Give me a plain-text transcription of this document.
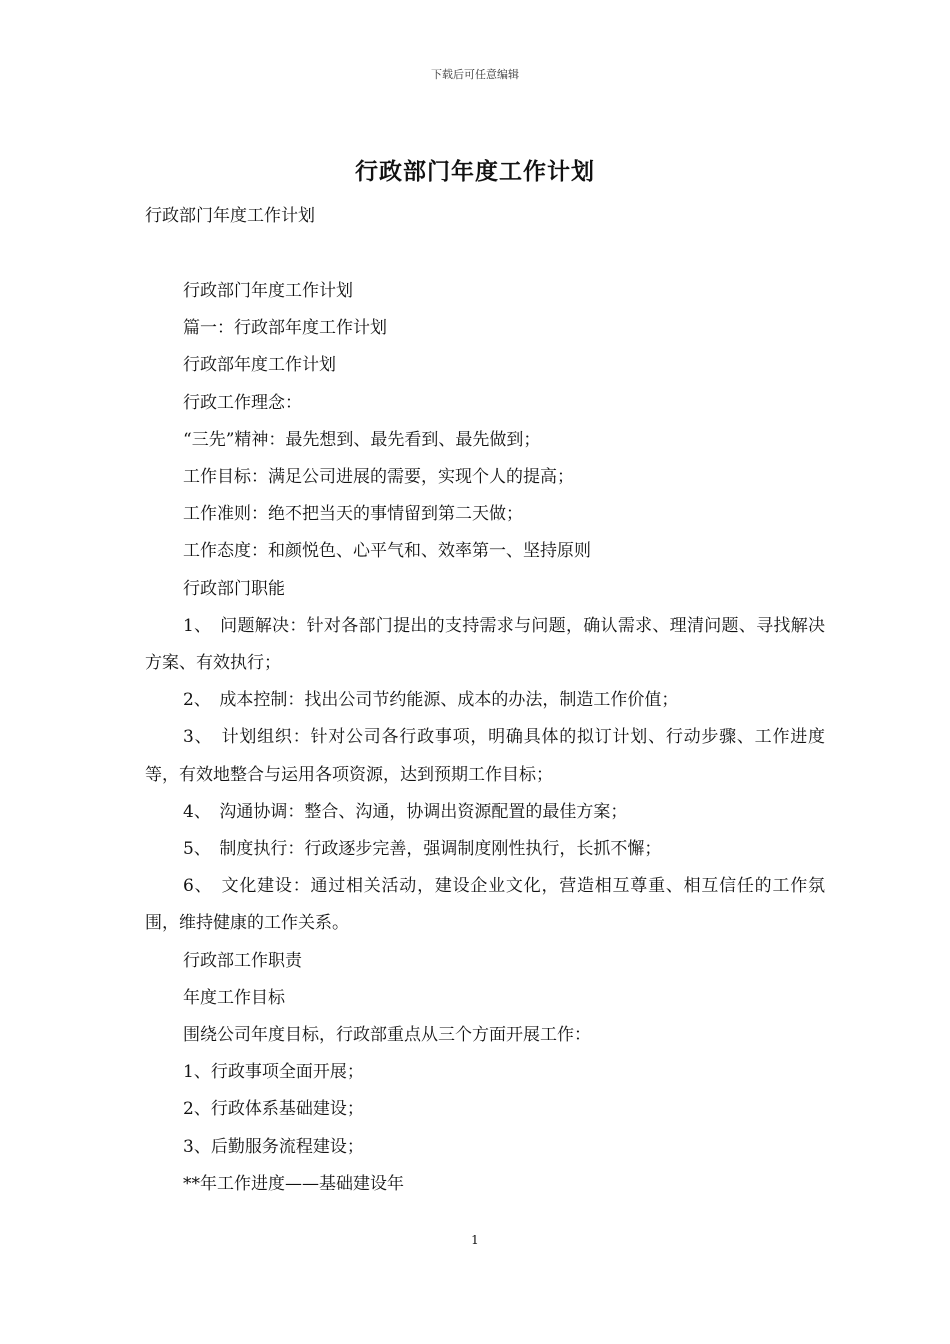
下载后可任意编辑
行政部门年度工作计划
行政部门年度工作计划

行政部门年度工作计划

篇一：行政部年度工作计划

行政部年度工作计划

行政工作理念：

“三先”精神：最先想到、最先看到、最先做到；

工作目标：满足公司进展的需要，实现个人的提高；

工作准则：绝不把当天的事情留到第二天做；

工作态度：和颜悦色、心平气和、效率第一、坚持原则

行政部门职能

1、　问题解决：针对各部门提出的支持需求与问题，确认需求、理清问题、寻找解决方案、有效执行；

2、　成本控制：找出公司节约能源、成本的办法，制造工作价值；

3、　计划组织：针对公司各行政事项，明确具体的拟订计划、行动步骤、工作进度等，有效地整合与运用各项资源，达到预期工作目标；

4、　沟通协调：整合、沟通，协调出资源配置的最佳方案；

5、　制度执行：行政逐步完善，强调制度刚性执行，长抓不懈；

6、　文化建设：通过相关活动，建设企业文化，营造相互尊重、相互信任的工作氛围，维持健康的工作关系。

行政部工作职责

年度工作目标

围绕公司年度目标，行政部重点从三个方面开展工作：

1、行政事项全面开展；

2、行政体系基础建设；

3、后勤服务流程建设；

**年工作进度——基础建设年

1
